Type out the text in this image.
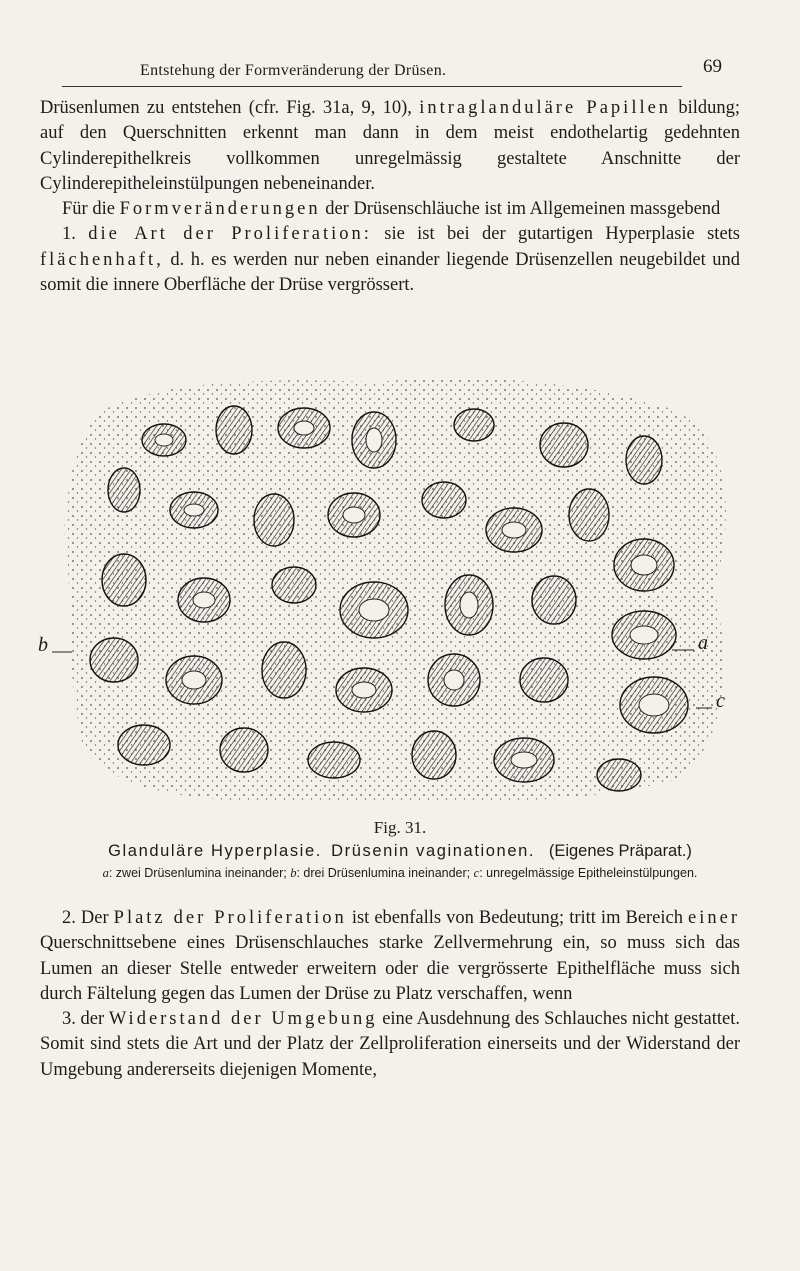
Entstehung der Formveränderung der Drüsen.	69

Drüsenlumen zu entstehen (cfr. Fig. 31a, 9, 10), intraglanduläre Papillen bildung; auf den Querschnitten erkennt man dann in dem meist endothelartig gedehnten Cylinderepithelkreis vollkommen unregelmässig gestaltete Anschnitte der Cylinderepitheleinstülpungen nebeneinander.

Für die Formveränderungen der Drüsenschläuche ist im Allgemeinen massgebend

1. die Art der Proliferation: sie ist bei der gutartigen Hyperplasie stets flächenhaft, d. h. es werden nur neben einander liegende Drüsenzellen neugebildet und somit die innere Oberfläche der Drüse vergrössert.

a
b
c
Fig. 31.
Glanduläre Hyperplasie. Drüsenin vaginationen. (Eigenes Präparat.)
a: zwei Drüsenlumina ineinander; b: drei Drüsenlumina ineinander; c: unregelmässige Epitheleinstülpungen.

2. Der Platz der Proliferation ist ebenfalls von Bedeutung; tritt im Bereich einer Querschnittsebene eines Drüsenschlauches starke Zellvermehrung ein, so muss sich das Lumen an dieser Stelle entweder erweitern oder die vergrösserte Epithelfläche muss sich durch Fältelung gegen das Lumen der Drüse zu Platz verschaffen, wenn

3. der Widerstand der Umgebung eine Ausdehnung des Schlauches nicht gestattet. Somit sind stets die Art und der Platz der Zellproliferation einerseits und der Widerstand der Umgebung andererseits diejenigen Momente,
